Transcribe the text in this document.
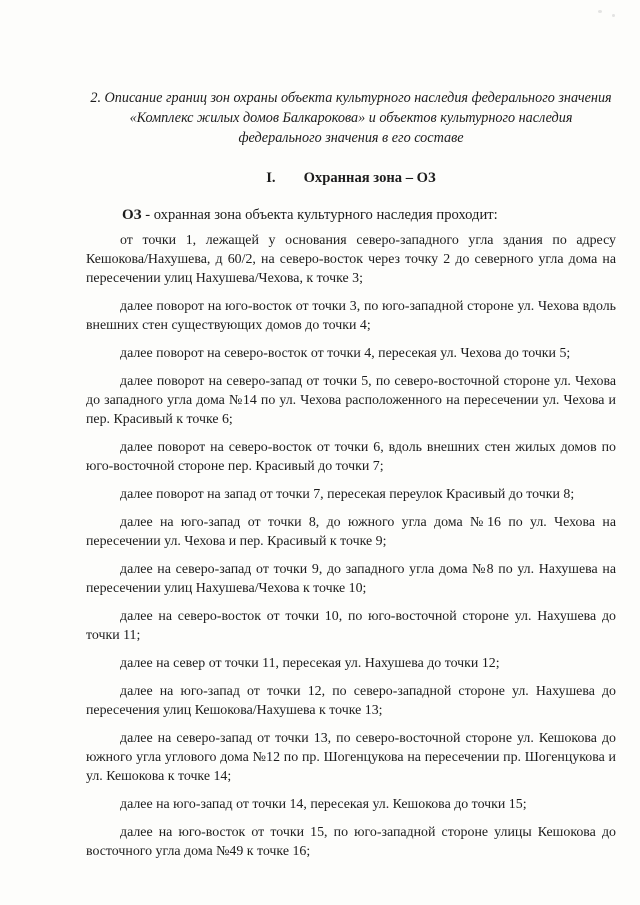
2. Описание границ зон охраны объекта культурного наследия федерального значения «Комплекс жилых домов Балкарокова» и объектов культурного наследия федерального значения в его составе

I. Охранная зона – ОЗ

ОЗ - охранная зона объекта культурного наследия проходит:

от точки 1, лежащей у основания северо-западного угла здания по адресу Кешокова/Нахушева, д 60/2, на северо-восток через точку 2 до северного угла дома на пересечении улиц Нахушева/Чехова, к точке 3;

далее поворот на юго-восток от точки 3, по юго-западной стороне ул. Чехова вдоль внешних стен существующих домов до точки 4;

далее поворот на северо-восток от точки 4, пересекая ул. Чехова до точки 5;

далее поворот на северо-запад от точки 5, по северо-восточной стороне ул. Чехова до западного угла дома №14 по ул. Чехова расположенного на пересечении ул. Чехова и пер. Красивый к точке 6;

далее поворот на северо-восток от точки 6, вдоль внешних стен жилых домов по юго-восточной стороне пер. Красивый до точки 7;

далее поворот на запад от точки 7, пересекая переулок Красивый до точки 8;

далее на юго-запад от точки 8, до южного угла дома №16 по ул. Чехова на пересечении ул. Чехова и пер. Красивый к точке 9;

далее на северо-запад от точки 9, до западного угла дома №8 по ул. Нахушева на пересечении улиц Нахушева/Чехова к точке 10;

далее на северо-восток от точки 10, по юго-восточной стороне ул. Нахушева до точки 11;

далее на север от точки 11, пересекая ул. Нахушева до точки 12;

далее на юго-запад от точки 12, по северо-западной стороне ул. Нахушева до пересечения улиц Кешокова/Нахушева к точке 13;

далее на северо-запад от точки 13, по северо-восточной стороне ул. Кешокова до южного угла углового дома №12 по пр. Шогенцукова на пересечении пр. Шогенцукова и ул. Кешокова к точке 14;

далее на юго-запад от точки 14, пересекая ул. Кешокова до точки 15;

далее на юго-восток от точки 15, по юго-западной стороне улицы Кешокова до восточного угла дома №49 к точке 16;
